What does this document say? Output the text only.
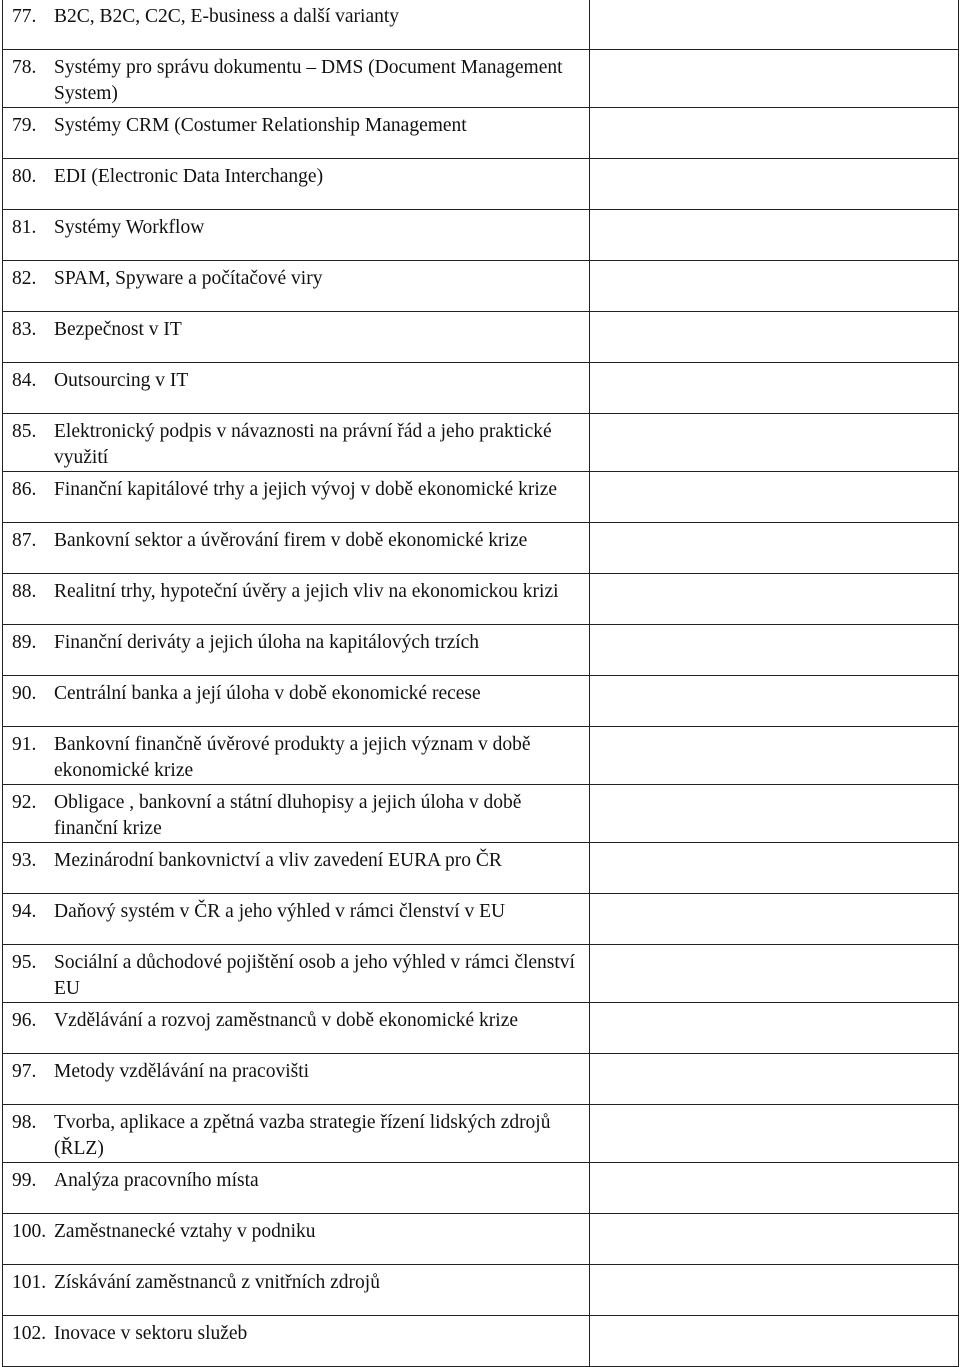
77. B2C, B2C, C2C, E-business a další varianty	

78. Systémy pro správu dokumentu – DMS (Document Management System)	

79. Systémy CRM (Costumer Relationship Management	

80. EDI (Electronic Data Interchange)	

81. Systémy Workflow	

82. SPAM, Spyware a počítačové viry	

83. Bezpečnost v IT	

84. Outsourcing v IT	

85. Elektronický podpis v návaznosti na právní řád a jeho praktické využití	

86. Finanční kapitálové trhy a jejich vývoj v době ekonomické krize	

87. Bankovní sektor a úvěrování firem v době ekonomické krize	

88. Realitní trhy, hypoteční úvěry a jejich vliv na ekonomickou krizi	

89. Finanční deriváty a jejich úloha na kapitálových trzích	

90. Centrální banka a její úloha v době ekonomické recese	

91. Bankovní finančně úvěrové produkty a jejich význam v době ekonomické krize	

92. Obligace , bankovní a státní dluhopisy a jejich úloha v době finanční krize	

93. Mezinárodní bankovnictví a vliv zavedení EURA pro ČR	

94. Daňový systém v ČR a jeho výhled v rámci členství v EU	

95. Sociální a důchodové pojištění osob a jeho výhled v rámci členství EU	

96. Vzdělávání a rozvoj zaměstnanců v době ekonomické krize	

97. Metody vzdělávání na pracovišti	

98. Tvorba, aplikace a zpětná vazba strategie řízení lidských zdrojů (ŘLZ)	

99. Analýza pracovního místa	

100. Zaměstnanecké vztahy v podniku	

101. Získávání zaměstnanců z vnitřních zdrojů	

102. Inovace v sektoru služeb	
